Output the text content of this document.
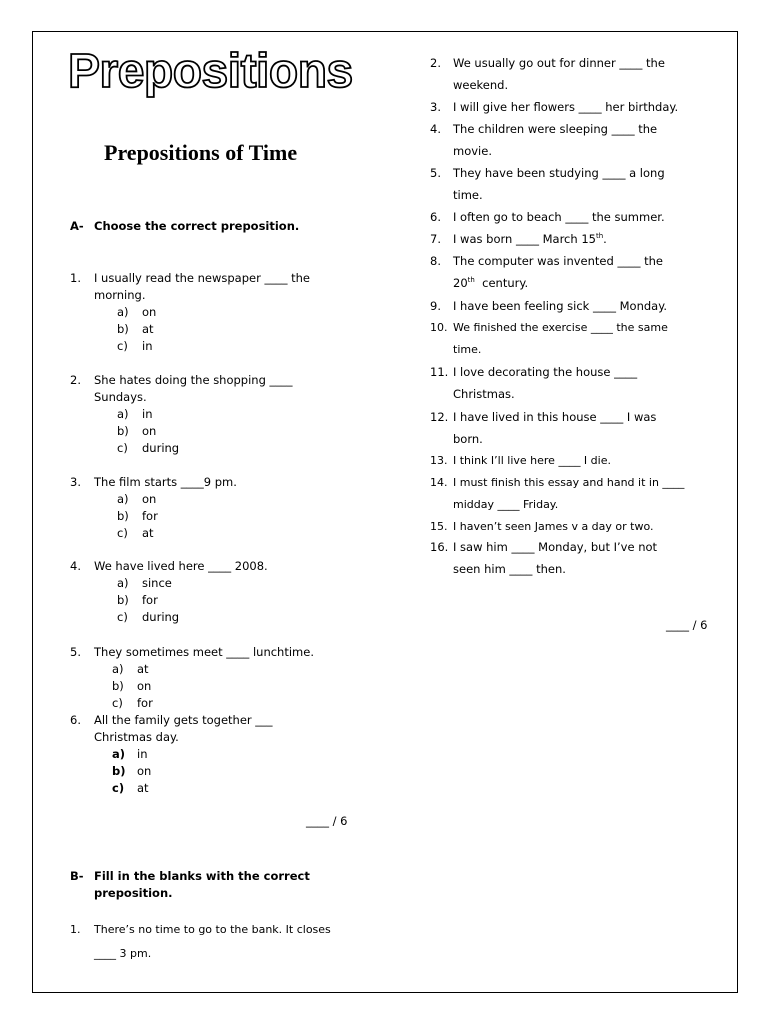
Prepositions
Prepositions of Time
A- Choose the correct preposition.
1.	I usually read the newspaper ____ the
morning.
a) on
b) at
c) in
2.	She hates doing the shopping ____
Sundays.
a) in
b) on
c) during
3.	The film starts ____9 pm.
a) on
b) for
c) at
4.	We have lived here ____ 2008.
a) since
b) for
c) during
5.	They sometimes meet ____ lunchtime.
a) at
b) on
c) for
6.	All the family gets together ___
Christmas day.
a) in
b) on
c) at
____ / 6
B- Fill in the blanks with the correct
preposition.
1.	There’s no time to go to the bank. It closes
____ 3 pm.
2.	We usually go out for dinner ____ the
weekend.
3.	I will give her flowers ____ her birthday.
4.	The children were sleeping ____ the
movie.
5.	They have been studying ____ a long
time.
6.	I often go to beach ____ the summer.
7.	I was born ____ March 15th.
8.	The computer was invented ____ the
20th  century.
9.	I have been feeling sick ____ Monday.
10. We finished the exercise ____ the same
time.
11. I love decorating the house ____
Christmas.
12. I have lived in this house ____ I was
born.
13. I think I’ll live here ____ I die.
14. I must finish this essay and hand it in ____
midday ____ Friday.
15. I haven’t seen James v a day or two.
16. I saw him ____ Monday, but I’ve not
seen him ____ then.
____ / 6
